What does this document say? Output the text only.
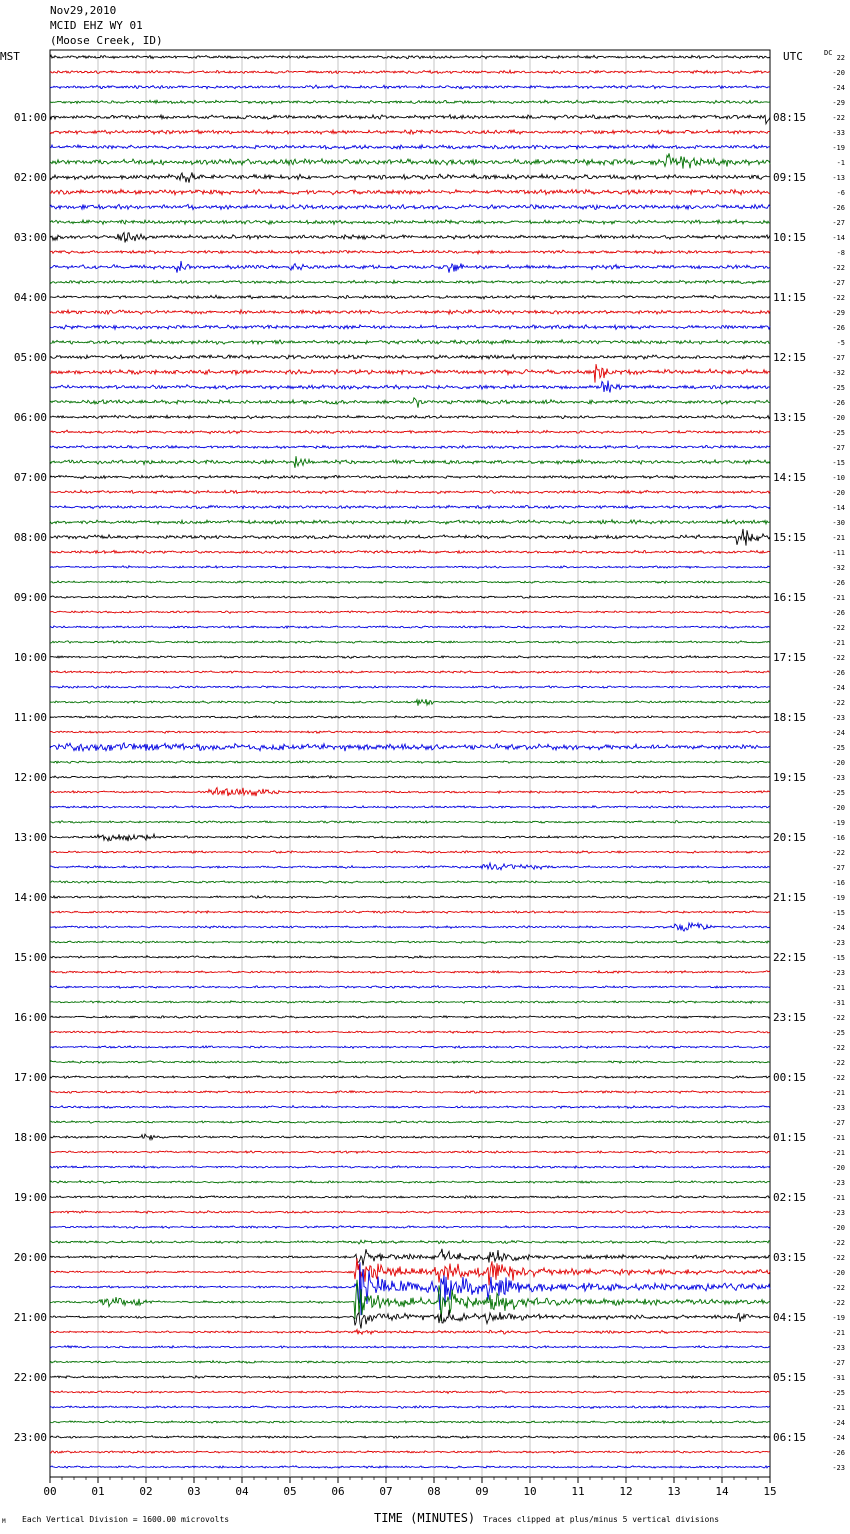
Nov29,2010
MCID EHZ WY 01
(Moose Creek, ID)
MST	UTC	DC
00	01	02	03	04	05	06	07	08	09	10	11	12	13	14	15
22
-20
-24
-29
-22
-33
-19
-1
-13
-6
-26
-27
-14
-8
-22
-27
-22
-29
-26
-5
-27
-32
-25
-26
-20
-25
-27
-15
-10
-20
-14
-30
-21
-11
-32
-26
-21
-26
-22
-21
-22
-26
-24
-22
-23
-24
-25
-20
-23
-25
-20
-19
-16
-22
-27
-16
-19
-15
-24
-23
-15
-23
-21
-31
-22
-25
-22
-22
-22
-21
-23
-27
-21
-21
-20
-23
-21
-23
-20
-22
-22
-20
-22
-22
-19
-21
-23
-27
-31
-25
-21
-24
-24
-26
-23
01:00	08:15
02:00	09:15
03:00	10:15
04:00	11:15
05:00	12:15
06:00	13:15
07:00	14:15
08:00	15:15
09:00	16:15
10:00	17:15
11:00	18:15
12:00	19:15
13:00	20:15
14:00	21:15
15:00	22:15
16:00	23:15
17:00	00:15
18:00	01:15
19:00	02:15
20:00	03:15
21:00	04:15
22:00	05:15
23:00	06:15
M Each Vertical Division = 1600.00 microvolts	TIME (MINUTES) Traces clipped at plus/minus 5 vertical divisions
